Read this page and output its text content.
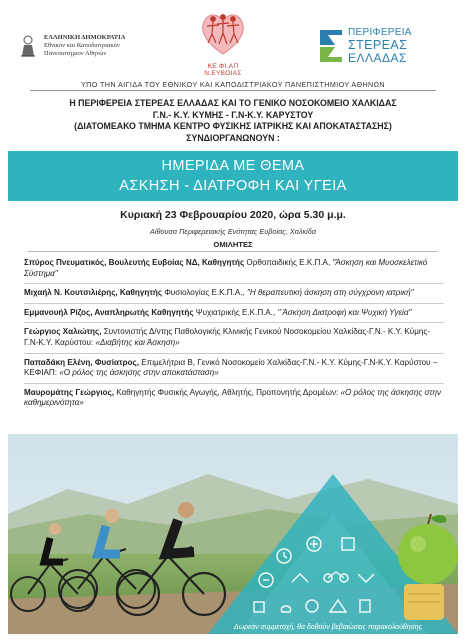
ΕΛΛΗΝΙΚΗ ΔΗΜΟΚΡΑΤΙΑ
Εθνικόν και Καποδιστριακόν
Πανεπιστήμιον Αθηνών
ΚΕ.ΦΙ.ΑΠ Ν.ΕΥΒΟΙΑΣ
ΠΕΡΙΦΕΡΕΙΑ
ΣΤΕΡΕΑΣ
ΕΛΛΑΔΑΣ
ΥΠΟ ΤΗΝ ΑΙΓΙΔΑ ΤΟΥ ΕΘΝΙΚΟΥ ΚΑΙ ΚΑΠΟΔΙΣΤΡΙΑΚΟΥ ΠΑΝΕΠΙΣΤΗΜΙΟΥ ΑΘΗΝΩΝ
Η ΠΕΡΙΦΕΡΕΙΑ ΣΤΕΡΕΑΣ ΕΛΛΑΔΑΣ ΚΑΙ ΤΟ ΓΕΝΙΚΟ ΝΟΣΟΚΟΜΕΙΟ ΧΑΛΚΙΔΑΣ
Γ.Ν.- Κ.Υ. ΚΥΜΗΣ - Γ.Ν-Κ.Υ. ΚΑΡΥΣΤΟΥ
(ΔΙΑΤΟΜΕΑΚΟ ΤΜΗΜΑ ΚΕΝΤΡΟ ΦΥΣΙΚΗΣ ΙΑΤΡΙΚΗΣ ΚΑΙ ΑΠΟΚΑΤΑΣΤΑΣΗΣ)
ΣΥΝΔΙΟΡΓΑΝΩΝΟΥΝ :
ΗΜΕΡΙΔΑ ΜΕ ΘΕΜΑ
ΑΣΚΗΣΗ - ΔΙΑΤΡΟΦΗ ΚΑΙ ΥΓΕΙΑ
Κυριακή 23 Φεβρουαρίου 2020, ώρα 5.30 μ.μ.
Αίθουσα Περιφερειακής Ενότητας Ευβοίας, Χαλκίδα
ΟΜΙΛΗΤΕΣ
Σπύρος Πνευματικός, Βουλευτής Ευβοίας ΝΔ, Καθηγητής Ορθοπαιδικής Ε.Κ.Π.Α, "Άσκηση και Μυοσκελετικό Σύστημα"
Μιχαήλ Ν. Κουτσιλιέρης, Καθηγητής Φυσιολογίας Ε.Κ.Π.Α., "Η θεραπευτική άσκηση στη σύγχρονη ιατρική"
Εμμανουήλ Ρίζος, Αναπληρωτής Καθηγητής Ψυχιατρικής Ε.Κ.Π.Α., " Άσκηση Διατροφή και Ψυχική Υγεία"
Γεώργιος Χαλιώτης, Συντονιστής Δ/ντης Παθολογικής Κλινικής Γενικού Νοσοκομείου Χαλκίδας-Γ.Ν.- Κ.Υ. Κύμης-Γ.Ν-Κ.Υ. Καρύστου: «Διαβήτης και Άσκηση»
Παπαδάκη Ελένη, Φυσίατρος, Επιμελήτρια Β, Γενικό Νοσοκομείο Χαλκίδας-Γ.Ν.- Κ.Υ. Κύμης-Γ.Ν-Κ.Υ. Καρύστου –ΚΕΦΙΑΠ: «Ο ρόλος της άσκησης στην αποκατάσταση»
Μαυρομάτης Γεώργιος, Καθηγητής Φυσικής Αγωγής, Αθλητής, Προπονητής Δρομέων: «Ο ρόλος της άσκησης στην καθημερινότητα»
Δωρεάν συμμετοχή, θα δοθούν βεβαιώσεις παρακολούθησης
